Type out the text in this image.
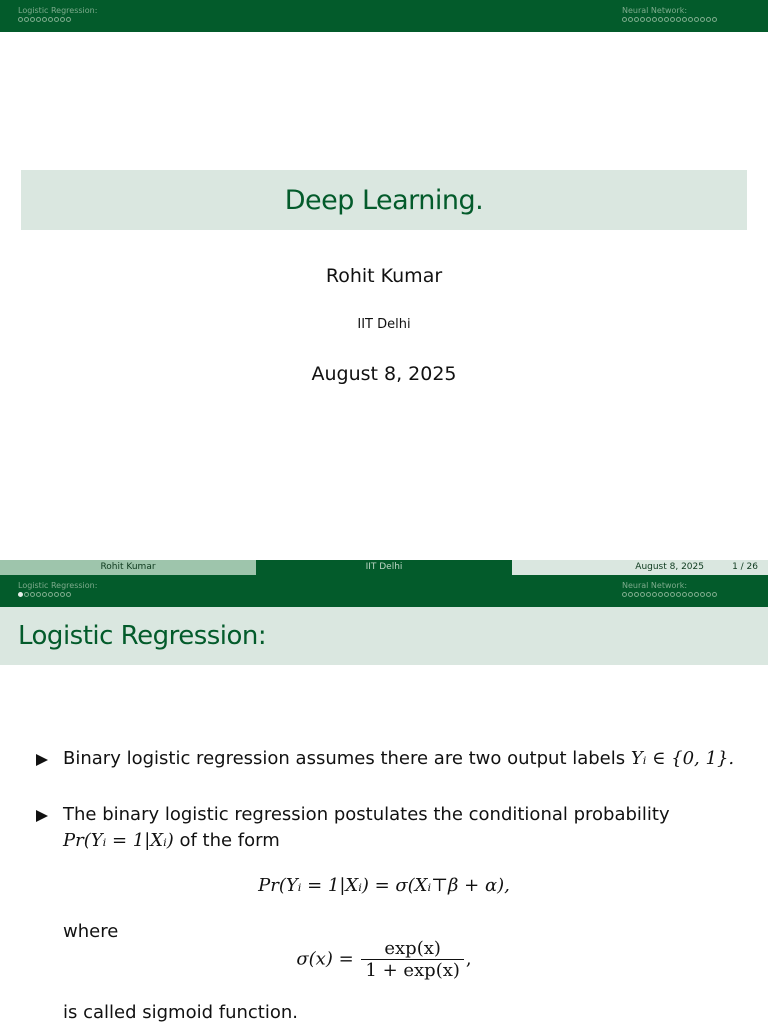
Logistic Regression:	Neural Network:
Deep Learning.
Rohit Kumar
IIT Delhi
August 8, 2025
Rohit Kumar	IIT Delhi	August 8, 2025	1 / 26
Logistic Regression:	Neural Network:
Logistic Regression:
Binary logistic regression assumes there are two output labels Yᵢ ∈ {0, 1}.
The binary logistic regression postulates the conditional probability
Pr(Yᵢ = 1|Xᵢ) of the form
Pr(Yᵢ = 1|Xᵢ) = σ(Xᵢ⊤β + α),
where
$\sigma(x) = \frac{\exp(x)}{1 + \exp(x)}$ ,
is called sigmoid function.
